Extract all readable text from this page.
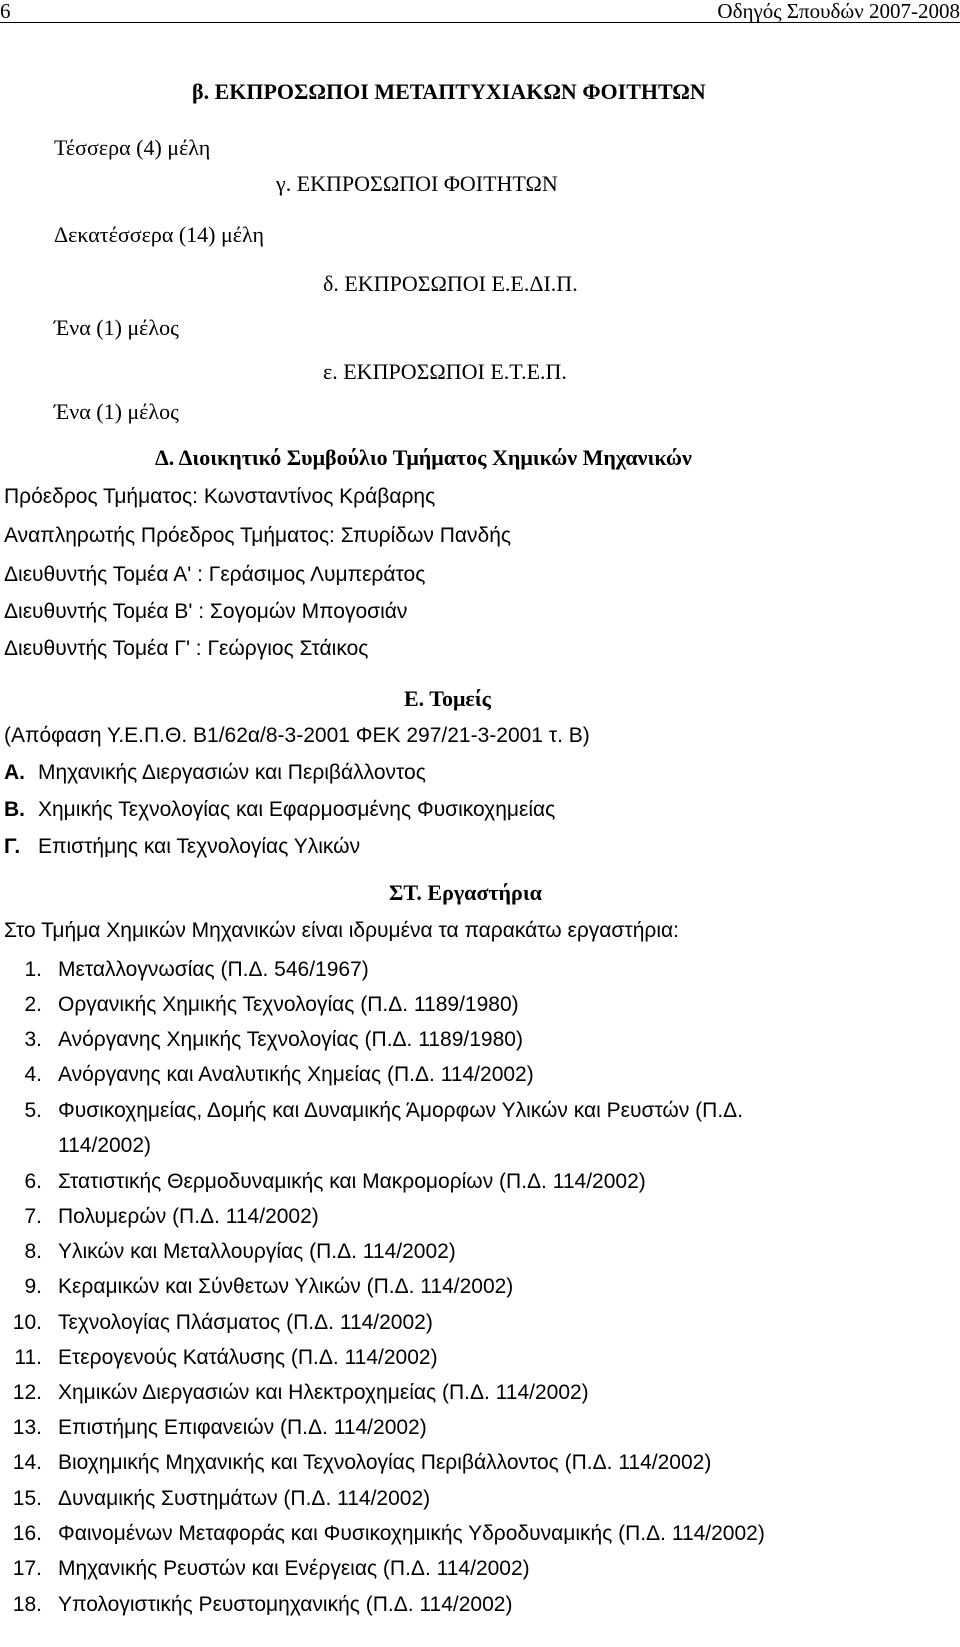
6	Οδηγός Σπουδών 2007-2008
β. ΕΚΠΡΟΣΩΠΟΙ ΜΕΤΑΠΤΥΧΙΑΚΩΝ ΦΟΙΤΗΤΩΝ
Τέσσερα (4) μέλη
γ. ΕΚΠΡΟΣΩΠΟΙ ΦΟΙΤΗΤΩΝ
Δεκατέσσερα (14) μέλη
δ. ΕΚΠΡΟΣΩΠΟΙ Ε.Ε.ΔΙ.Π.
Ένα (1) μέλος
ε. ΕΚΠΡΟΣΩΠΟΙ Ε.Τ.Ε.Π.
Ένα (1) μέλος
Δ. Διοικητικό Συμβούλιο Τμήματος Χημικών Μηχανικών
Πρόεδρος Τμήματος: Κωνσταντίνος Κράβαρης
Αναπληρωτής Πρόεδρος Τμήματος: Σπυρίδων Πανδής
Διευθυντής Τομέα Α' : Γεράσιμος Λυμπεράτος
Διευθυντής Τομέα Β' : Σογομών Μπογοσιάν
Διευθυντής Τομέα Γ' : Γεώργιος Στάικος
Ε. Τομείς
(Απόφαση Υ.Ε.Π.Θ. Β1/62α/8-3-2001 ΦΕΚ 297/21-3-2001 τ. Β)
Α. Μηχανικής Διεργασιών και Περιβάλλοντος
Β. Χημικής Τεχνολογίας και Εφαρμοσμένης Φυσικοχημείας
Γ. Επιστήμης και Τεχνολογίας Υλικών
ΣΤ. Εργαστήρια
Στο Τμήμα Χημικών Μηχανικών είναι ιδρυμένα τα παρακάτω εργαστήρια:
1. Μεταλλογνωσίας (Π.Δ. 546/1967)
2. Οργανικής Χημικής Τεχνολογίας (Π.Δ. 1189/1980)
3. Ανόργανης Χημικής Τεχνολογίας (Π.Δ. 1189/1980)
4. Ανόργανης και Αναλυτικής Χημείας (Π.Δ. 114/2002)
5. Φυσικοχημείας, Δομής και Δυναμικής Άμορφων Υλικών και Ρευστών (Π.Δ.
114/2002)
6. Στατιστικής Θερμοδυναμικής και Μακρομορίων (Π.Δ. 114/2002)
7. Πολυμερών (Π.Δ. 114/2002)
8. Υλικών και Μεταλλουργίας (Π.Δ. 114/2002)
9. Κεραμικών και Σύνθετων Υλικών (Π.Δ. 114/2002)
10. Τεχνολογίας Πλάσματος (Π.Δ. 114/2002)
11. Ετερογενούς Κατάλυσης (Π.Δ. 114/2002)
12. Χημικών Διεργασιών και Ηλεκτροχημείας (Π.Δ. 114/2002)
13. Επιστήμης Επιφανειών (Π.Δ. 114/2002)
14. Βιοχημικής Μηχανικής και Τεχνολογίας Περιβάλλοντος (Π.Δ. 114/2002)
15. Δυναμικής Συστημάτων (Π.Δ. 114/2002)
16. Φαινομένων Μεταφοράς και Φυσικοχημικής Υδροδυναμικής (Π.Δ. 114/2002)
17. Μηχανικής Ρευστών και Ενέργειας (Π.Δ. 114/2002)
18. Υπολογιστικής Ρευστομηχανικής (Π.Δ. 114/2002)
